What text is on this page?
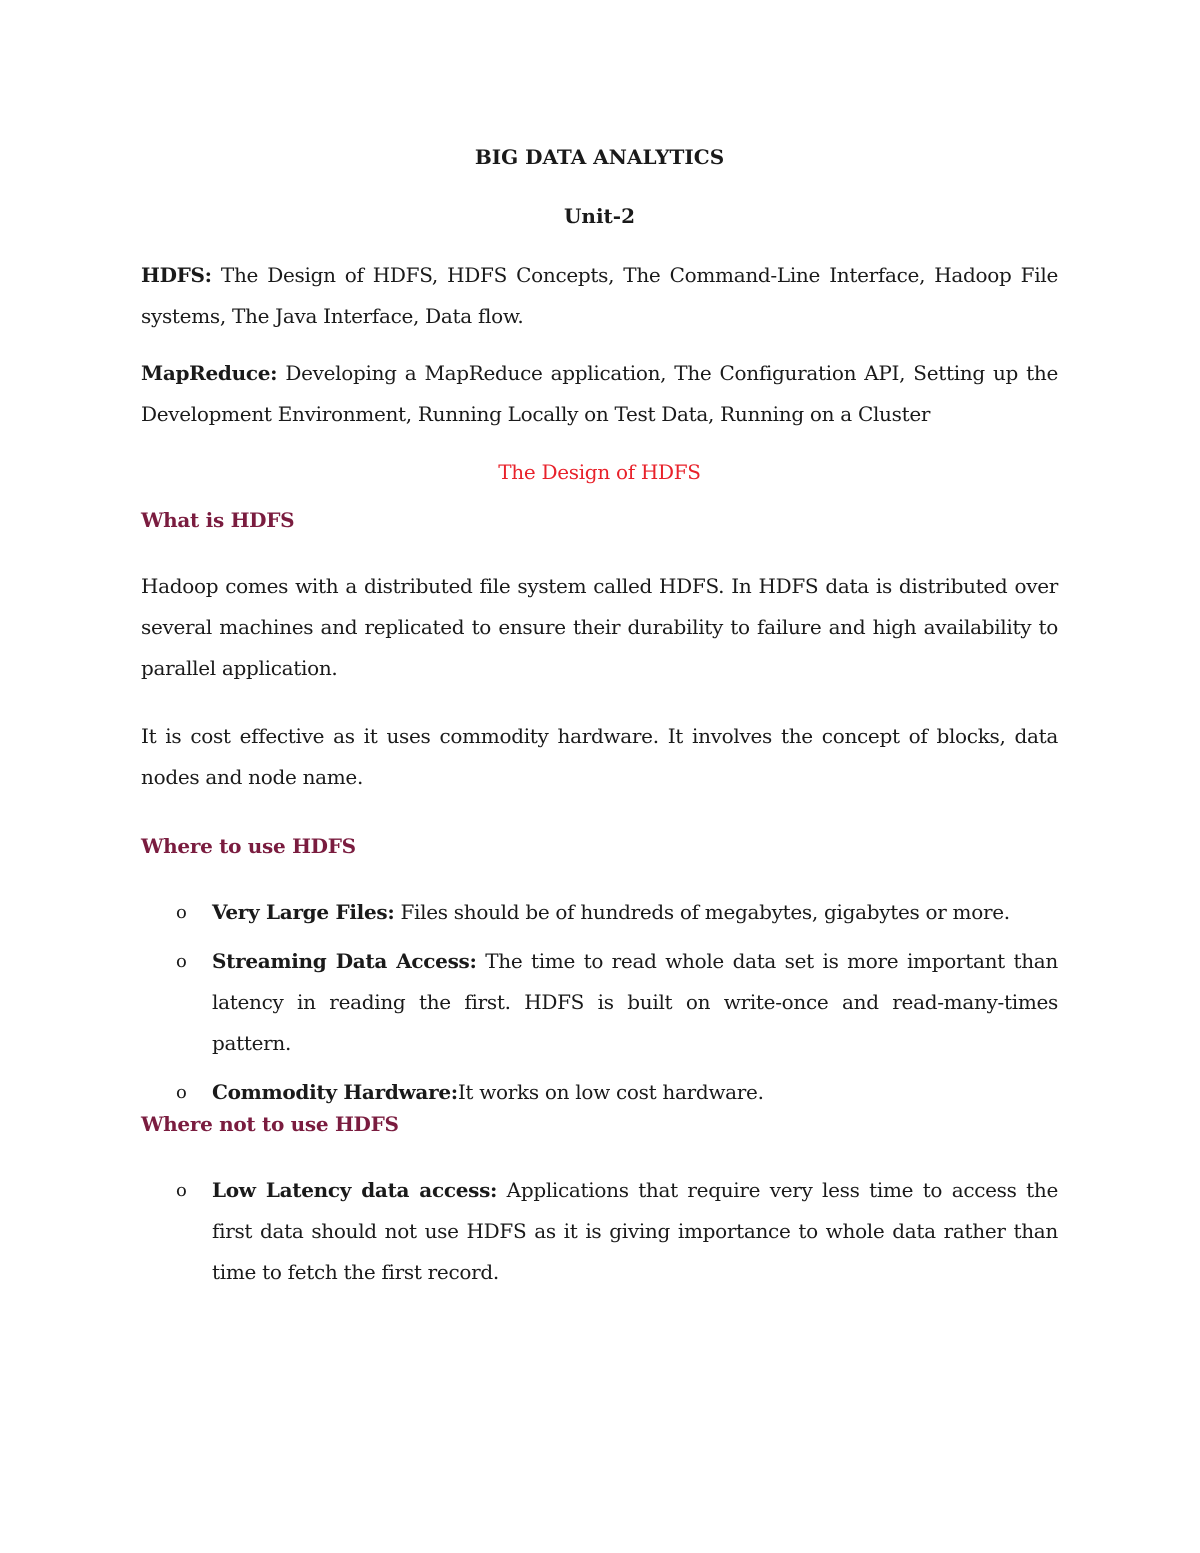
BIG DATA ANALYTICS
Unit-2
HDFS: The Design of HDFS, HDFS Concepts, The Command-Line Interface, Hadoop File systems, The Java Interface, Data flow.
MapReduce: Developing a MapReduce application, The Configuration API, Setting up the Development Environment, Running Locally on Test Data, Running on a Cluster
The Design of HDFS
What is HDFS
Hadoop comes with a distributed file system called HDFS. In HDFS data is distributed over several machines and replicated to ensure their durability to failure and high availability to parallel application.
It is cost effective as it uses commodity hardware. It involves the concept of blocks, data nodes and node name.
Where to use HDFS
o Very Large Files: Files should be of hundreds of megabytes, gigabytes or more.
o Streaming Data Access: The time to read whole data set is more important than latency in reading the first. HDFS is built on write-once and read-many-times pattern.
o Commodity Hardware:It works on low cost hardware.
Where not to use HDFS
o Low Latency data access: Applications that require very less time to access the first data should not use HDFS as it is giving importance to whole data rather than time to fetch the first record.
